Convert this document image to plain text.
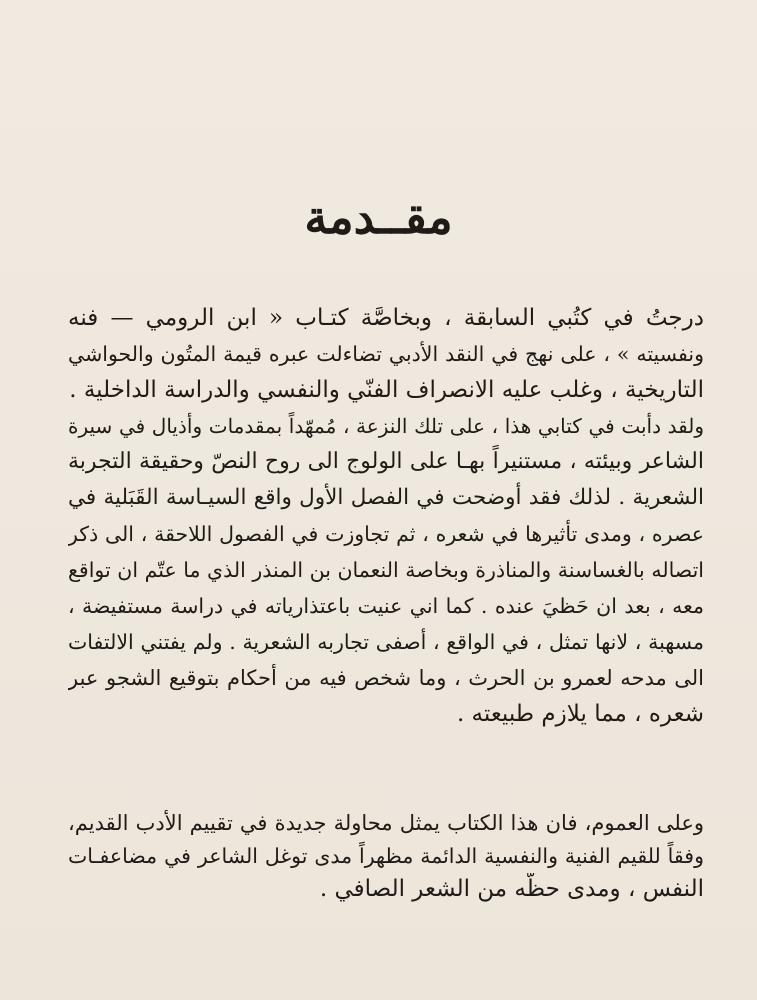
مقــدمة
درجتُ في كتُبي السابقة ، وبخاصَّة كتـاب « ابن الرومي — فنه
ونفسيته » ، على نهج في النقد الأدبي تضاءلت عبره قيمة المتُون والحواشي
التاريخية ، وغلب عليه الانصراف الفنّي والنفسي والدراسة الداخلية .
ولقد دأبت في كتابي هذا ، على تلك النزعة ، مُمهّداً بمقدمات وأذيال في سيرة
الشاعر وبيئته ، مستنيراً بهـا على الولوج الى روح النصّ وحقيقة التجربة
الشعرية . لذلك فقد أوضحت في الفصل الأول واقع السيـاسة القَبَلية في
عصره ، ومدى تأثيرها في شعره ، ثم تجاوزت في الفصول اللاحقة ، الى ذكر
اتصاله بالغساسنة والمناذرة وبخاصة النعمان بن المنذر الذي ما عتّم ان تواقع
معه ، بعد ان حَظيَ عنده . كما اني عنيت باعتذارياته في دراسة مستفيضة ،
مسهبة ، لانها تمثل ، في الواقع ، أصفى تجاربه الشعرية . ولم يفتني الالتفات
الى مدحه لعمرو بن الحرث ، وما شخص فيه من أحكام بتوقيع الشجو عبر
شعره ، مما يلازم طبيعته .
وعلى العموم، فان هذا الكتاب يمثل محاولة جديدة في تقييم الأدب القديم،
وفقاً للقيم الفنية والنفسية الدائمة مظهراً مدى توغل الشاعر في مضاعفـات
النفس ، ومدى حظّه من الشعر الصافي .
